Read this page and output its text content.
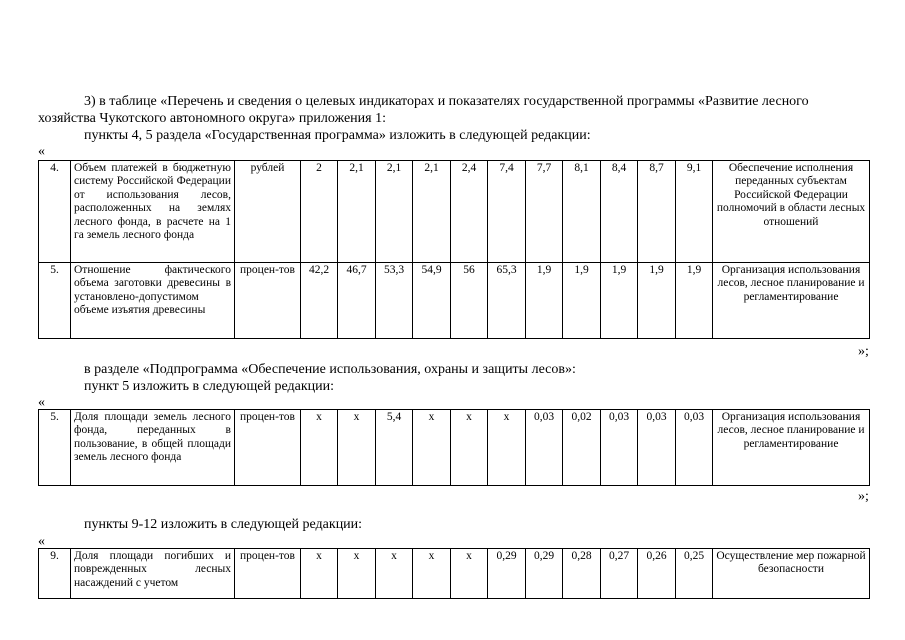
3) в таблице «Перечень и сведения о целевых индикаторах и показателях государственной программы «Развитие лесного
хозяйства Чукотского автономного округа» приложения 1:
пункты 4, 5 раздела «Государственная программа» изложить в следующей редакции:
«
4.	Объем платежей в бюджетную систему Российской Федерации от использования лесов, расположенных на землях лесного фонда, в расчете на 1 га земель лесного фонда	рублей	2	2,1	2,1	2,1	2,4	7,4	7,7	8,1	8,4	8,7	9,1	Обеспечение исполнения переданных субъектам Российской Федерации полномочий в области лесных отношений
5.	Отношение фактического объема заготовки древесины в установлено-допустимом объеме изъятия древесины	процен-тов	42,2	46,7	53,3	54,9	56	65,3	1,9	1,9	1,9	1,9	1,9	Организация использования лесов, лесное планирование и регламентирование
»;
в разделе «Подпрограмма «Обеспечение использования, охраны и защиты лесов»:
пункт 5 изложить в следующей редакции:
«
5.	Доля площади земель лесного фонда, переданных в пользование, в общей площади земель лесного фонда	процен-тов	x	x	5,4	x	x	x	0,03	0,02	0,03	0,03	0,03	Организация использования лесов, лесное планирование и регламентирование
»;
пункты 9-12 изложить в следующей редакции:
«
9.	Доля площади погибших и поврежденных лесных насаждений с учетом	процен-тов	x	x	x	x	x	0,29	0,29	0,28	0,27	0,26	0,25	Осуществление мер пожарной безопасности
